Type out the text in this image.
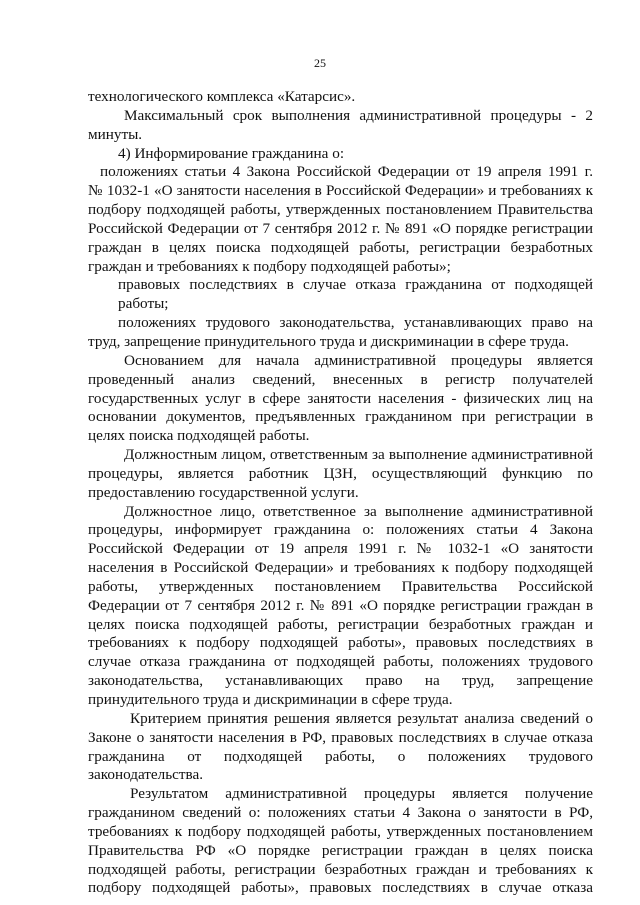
25
технологического комплекса «Катарсис».
Максимальный срок выполнения административной процедуры - 2
минуты.
4) Информирование гражданина о:
положениях статьи 4 Закона Российской Федерации от 19 апреля 1991 г.
№ 1032-1 «О занятости населения в Российской Федерации» и требованиях к
подбору подходящей работы, утвержденных постановлением Правительства
Российской Федерации от 7 сентября 2012 г. № 891 «О порядке регистрации
граждан в целях поиска подходящей работы, регистрации безработных
граждан и требованиях к подбору подходящей работы»;
правовых последствиях в случае отказа гражданина от подходящей
работы;
положениях трудового законодательства, устанавливающих право на
труд, запрещение принудительного труда и дискриминации в сфере труда.
Основанием для начала административной процедуры является
проведенный анализ сведений, внесенных в регистр получателей
государственных услуг в сфере занятости населения - физических лиц на
основании документов, предъявленных гражданином при регистрации в
целях поиска подходящей работы.
Должностным лицом, ответственным за выполнение административной
процедуры, является работник ЦЗН, осуществляющий функцию по
предоставлению государственной услуги.
Должностное лицо, ответственное за выполнение административной
процедуры, информирует гражданина о: положениях статьи 4 Закона
Российской Федерации от 19 апреля 1991 г. № 1032-1 «О занятости
населения в Российской Федерации» и требованиях к подбору подходящей
работы, утвержденных постановлением Правительства Российской
Федерации от 7 сентября 2012 г. № 891 «О порядке регистрации граждан в
целях поиска подходящей работы, регистрации безработных граждан и
требованиях к подбору подходящей работы», правовых последствиях в
случае отказа гражданина от подходящей работы, положениях трудового
законодательства, устанавливающих право на труд, запрещение
принудительного труда и дискриминации в сфере труда.
Критерием принятия решения является результат анализа сведений о
Законе о занятости населения в РФ, правовых последствиях в случае отказа
гражданина от подходящей работы, о положениях трудового
законодательства.
Результатом административной процедуры является получение
гражданином сведений о: положениях статьи 4 Закона о занятости в РФ,
требованиях к подбору подходящей работы, утвержденных постановлением
Правительства РФ «О порядке регистрации граждан в целях поиска
подходящей работы, регистрации безработных граждан и требованиях к
подбору подходящей работы», правовых последствиях в случае отказа
